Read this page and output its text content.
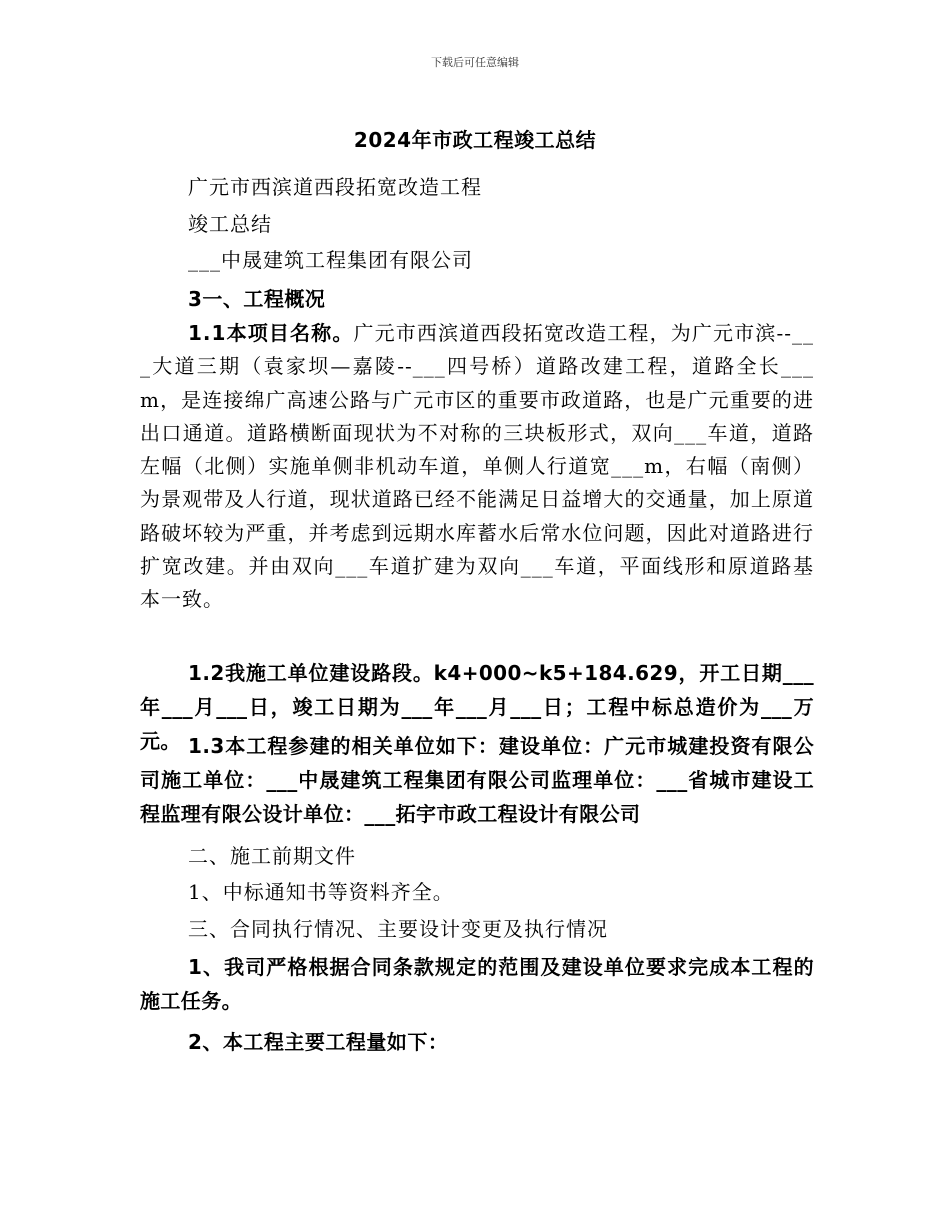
下载后可任意编辑
2024年市政工程竣工总结
广元市西滨道西段拓宽改造工程
竣工总结
___中晟建筑工程集团有限公司
3一、工程概况
1.1本项目名称。广元市西滨道西段拓宽改造工程，为广元市滨--___大道三期（袁家坝—嘉陵--___四号桥）道路改建工程，道路全长___m，是连接绵广高速公路与广元市区的重要市政道路，也是广元重要的进出口通道。道路横断面现状为不对称的三块板形式，双向___车道，道路左幅（北侧）实施单侧非机动车道，单侧人行道宽___m，右幅（南侧）为景观带及人行道，现状道路已经不能满足日益增大的交通量，加上原道路破坏较为严重，并考虑到远期水库蓄水后常水位问题，因此对道路进行扩宽改建。并由双向___车道扩建为双向___车道，平面线形和原道路基本一致。
1.2我施工单位建设路段。k4+000~k5+184.629，开工日期___年___月___日，竣工日期为___年___月___日；工程中标总造价为___万元。 1.3本工程参建的相关单位如下：建设单位：广元市城建投资有限公司施工单位：___中晟建筑工程集团有限公司监理单位：___省城市建设工程监理有限公设计单位：___拓宇市政工程设计有限公司
二、施工前期文件
1、中标通知书等资料齐全。
三、合同执行情况、主要设计变更及执行情况
1、我司严格根据合同条款规定的范围及建设单位要求完成本工程的施工任务。
2、本工程主要工程量如下：
